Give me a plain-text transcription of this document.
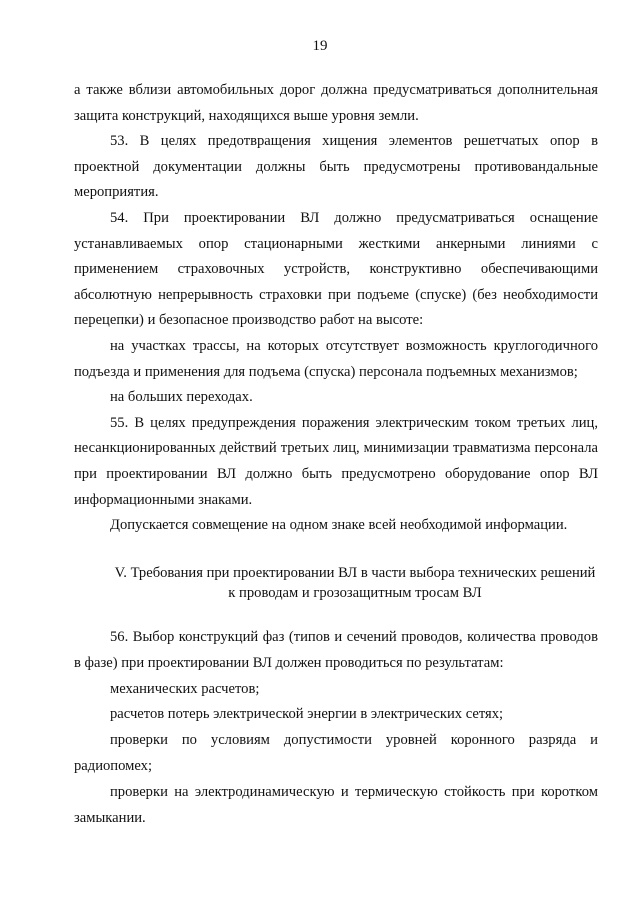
19

а также вблизи автомобильных дорог должна предусматриваться дополнительная защита конструкций, находящихся выше уровня земли.

53. В целях предотвращения хищения элементов решетчатых опор в проектной документации должны быть предусмотрены противовандальные мероприятия.

54. При проектировании ВЛ должно предусматриваться оснащение устанавливаемых опор стационарными жесткими анкерными линиями с применением страховочных устройств, конструктивно обеспечивающими абсолютную непрерывность страховки при подъеме (спуске) (без необходимости перецепки) и безопасное производство работ на высоте:

на участках трассы, на которых отсутствует возможность круглогодичного подъезда и применения для подъема (спуска) персонала подъемных механизмов;

на больших переходах.

55. В целях предупреждения поражения электрическим током третьих лиц, несанкционированных действий третьих лиц, минимизации травматизма персонала при проектировании ВЛ должно быть предусмотрено оборудование опор ВЛ информационными знаками.

Допускается совмещение на одном знаке всей необходимой информации.

V. Требования при проектировании ВЛ в части выбора технических решений
к проводам и грозозащитным тросам ВЛ

56. Выбор конструкций фаз (типов и сечений проводов, количества проводов в фазе) при проектировании ВЛ должен проводиться по результатам:

механических расчетов;

расчетов потерь электрической энергии в электрических сетях;

проверки по условиям допустимости уровней коронного разряда и радиопомех;

проверки на электродинамическую и термическую стойкость при коротком замыкании.
